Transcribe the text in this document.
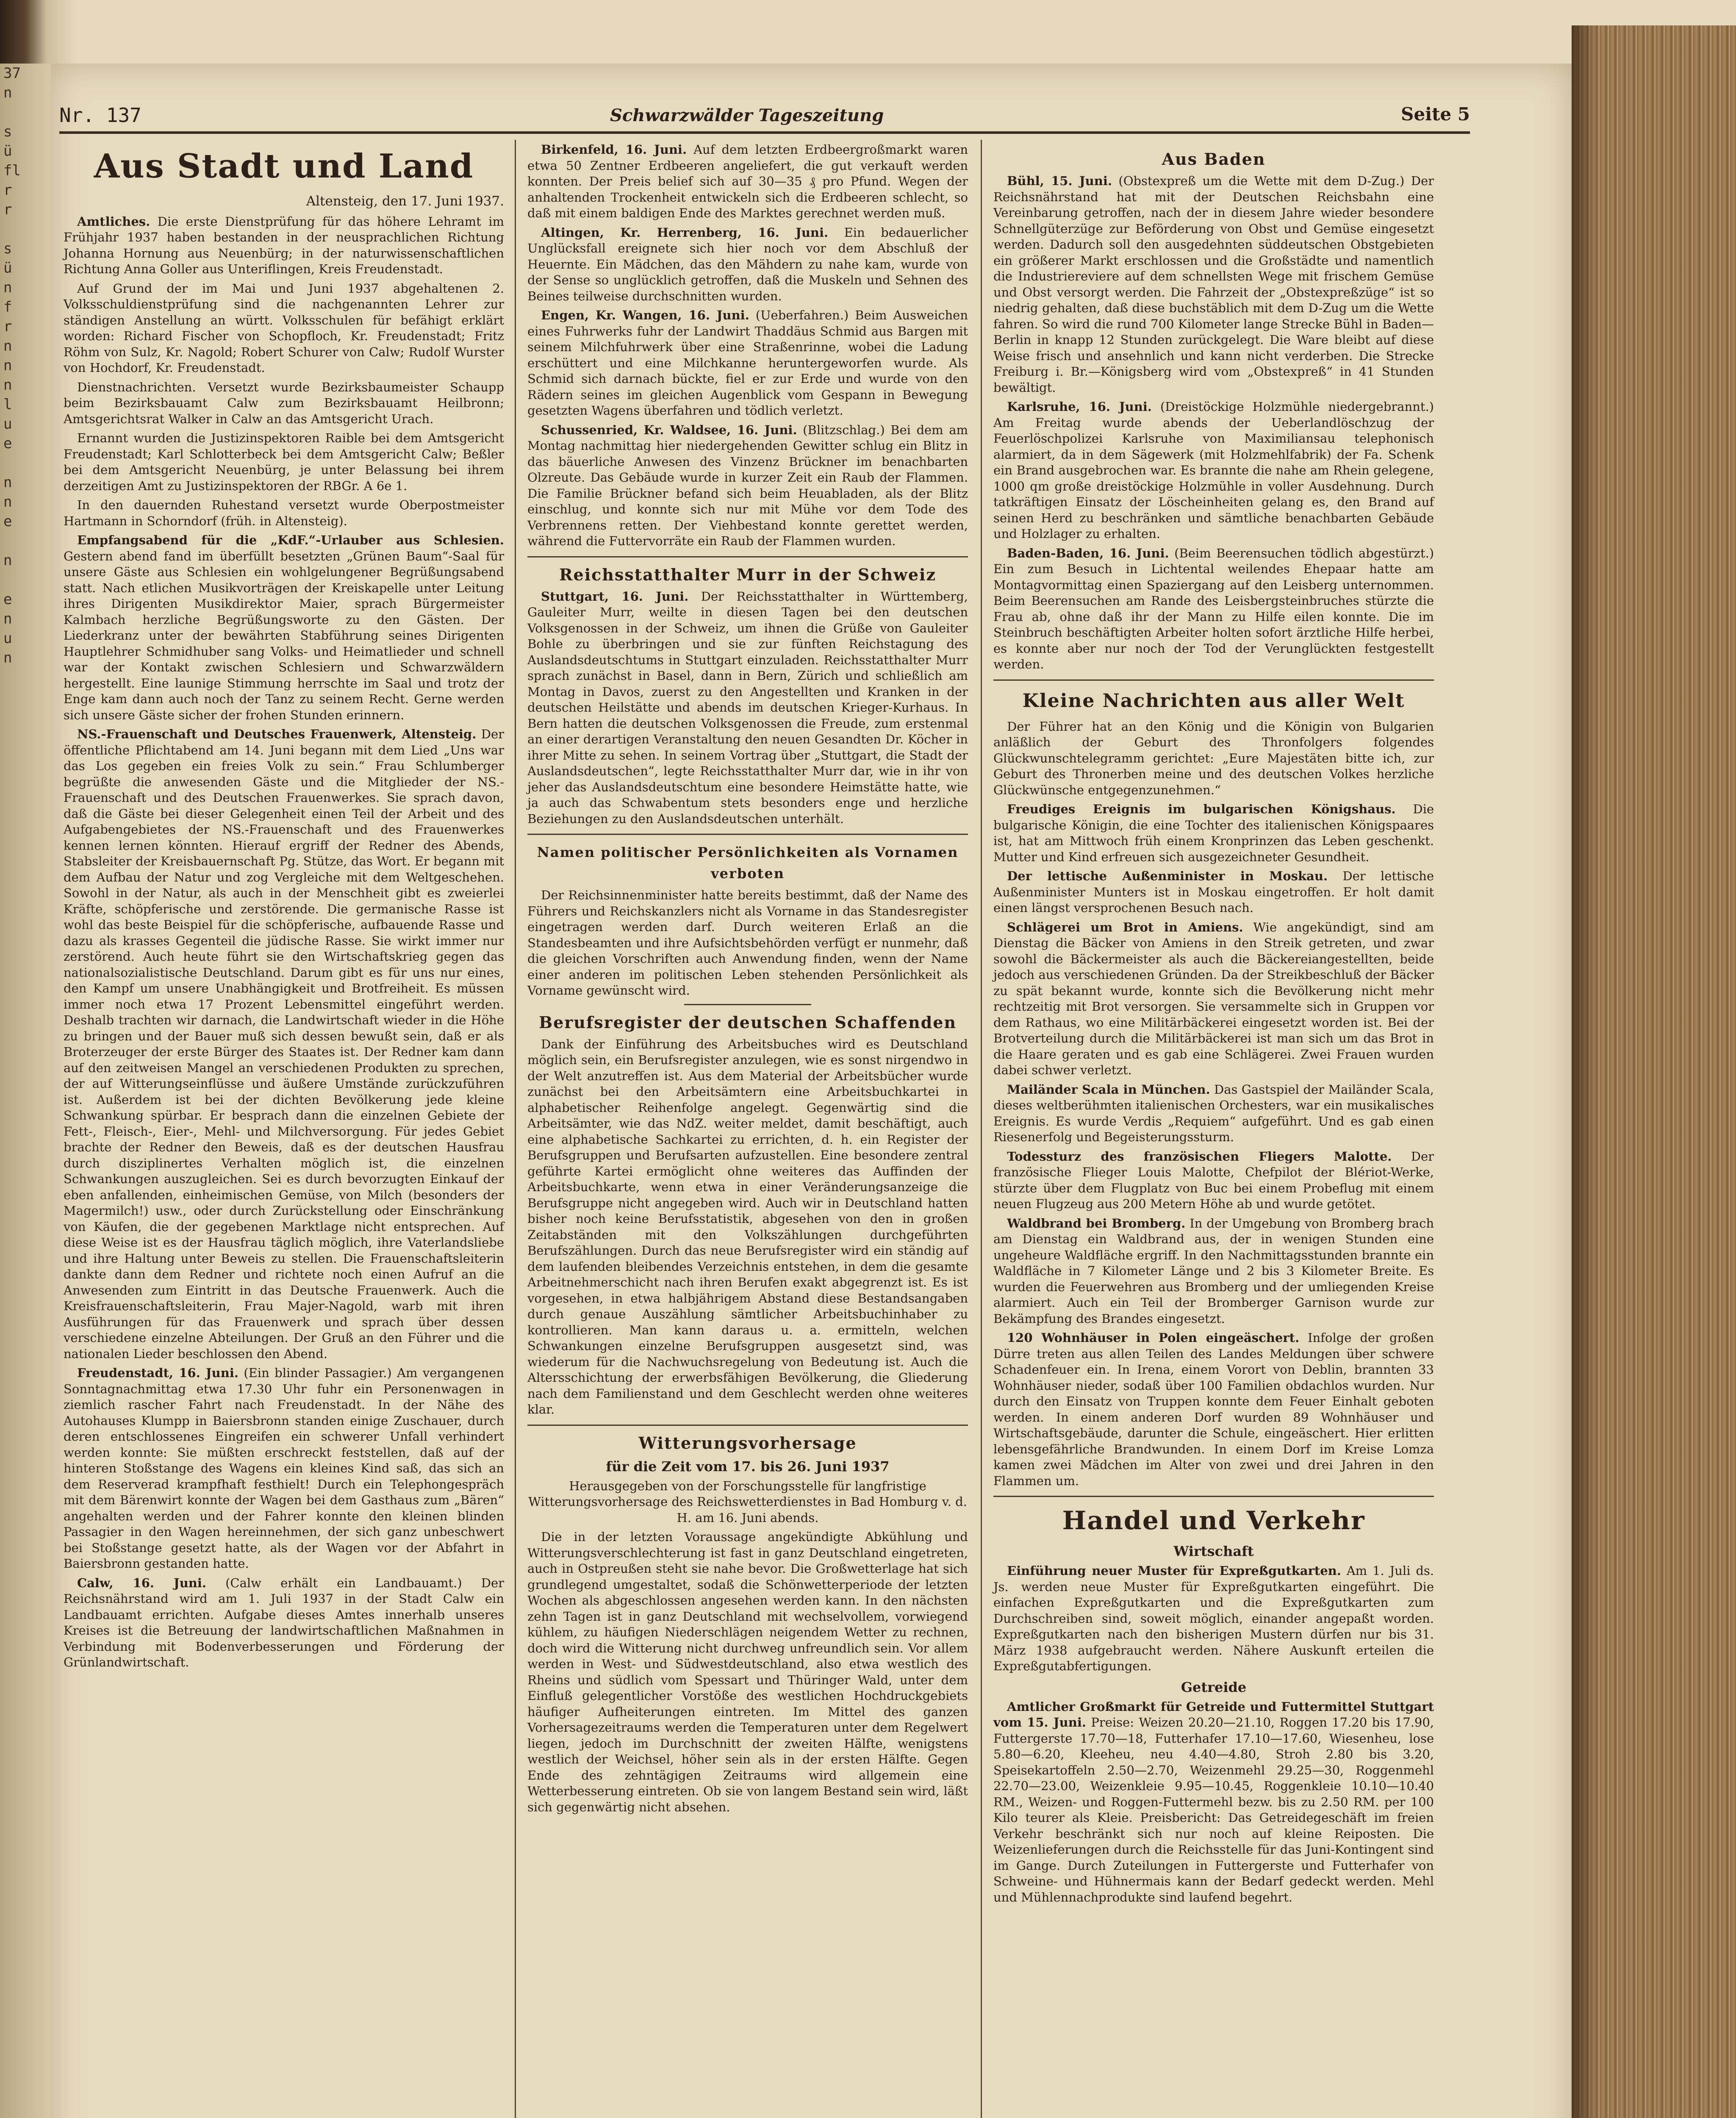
37
n

s
ü
fl
r
r

s
ü
n
f
r
n
n
n
l
u
e

n
n
e

n

e
n
u
n
Nr. 137	Schwarzwälder Tageszeitung	Seite 5
Aus Stadt und Land
Altensteig, den 17. Juni 1937.

Amtliches. Die erste Dienstprüfung für das höhere Lehramt im Frühjahr 1937 haben bestanden in der neusprachlichen Richtung Johanna Hornung aus Neuenbürg; in der naturwissenschaftlichen Richtung Anna Goller aus Unteriflingen, Kreis Freudenstadt.

Auf Grund der im Mai und Juni 1937 abgehaltenen 2. Volksschuldienstprüfung sind die nachgenannten Lehrer zur ständigen Anstellung an württ. Volksschulen für befähigt erklärt worden: Richard Fischer von Schopfloch, Kr. Freudenstadt; Fritz Röhm von Sulz, Kr. Nagold; Robert Schurer von Calw; Rudolf Wurster von Hochdorf, Kr. Freudenstadt.

Dienstnachrichten. Versetzt wurde Bezirksbaumeister Schaupp beim Bezirksbauamt Calw zum Bezirksbauamt Heilbronn; Amtsgerichtsrat Walker in Calw an das Amtsgericht Urach.

Ernannt wurden die Justizinspektoren Raible bei dem Amtsgericht Freudenstadt; Karl Schlotterbeck bei dem Amtsgericht Calw; Beßler bei dem Amtsgericht Neuenbürg, je unter Belassung bei ihrem derzeitigen Amt zu Justizinspektoren der RBGr. A 6e 1.

In den dauernden Ruhestand versetzt wurde Oberpostmeister Hartmann in Schorndorf (früh. in Altensteig).

Empfangsabend für die „KdF.“-Urlauber aus Schlesien. Gestern abend fand im überfüllt besetzten „Grünen Baum“-Saal für unsere Gäste aus Schlesien ein wohlgelungener Begrüßungsabend statt. Nach etlichen Musikvorträgen der Kreiskapelle unter Leitung ihres Dirigenten Musikdirektor Maier, sprach Bürgermeister Kalmbach herzliche Begrüßungsworte zu den Gästen. Der Liederkranz unter der bewährten Stabführung seines Dirigenten Hauptlehrer Schmidhuber sang Volks- und Heimatlieder und schnell war der Kontakt zwischen Schlesiern und Schwarzwäldern hergestellt. Eine launige Stimmung herrschte im Saal und trotz der Enge kam dann auch noch der Tanz zu seinem Recht. Gerne werden sich unsere Gäste sicher der frohen Stunden erinnern.

NS.-Frauenschaft und Deutsches Frauenwerk, Altensteig. Der öffentliche Pflichtabend am 14. Juni begann mit dem Lied „Uns war das Los gegeben ein freies Volk zu sein.“ Frau Schlumberger begrüßte die anwesenden Gäste und die Mitglieder der NS.-Frauenschaft und des Deutschen Frauenwerkes. Sie sprach davon, daß die Gäste bei dieser Gelegenheit einen Teil der Arbeit und des Aufgabengebietes der NS.-Frauenschaft und des Frauenwerkes kennen lernen könnten. Hierauf ergriff der Redner des Abends, Stabsleiter der Kreisbauernschaft Pg. Stütze, das Wort. Er begann mit dem Aufbau der Natur und zog Vergleiche mit dem Weltgeschehen. Sowohl in der Natur, als auch in der Menschheit gibt es zweierlei Kräfte, schöpferische und zerstörende. Die germanische Rasse ist wohl das beste Beispiel für die schöpferische, aufbauende Rasse und dazu als krasses Gegenteil die jüdische Rasse. Sie wirkt immer nur zerstörend. Auch heute führt sie den Wirtschaftskrieg gegen das nationalsozialistische Deutschland. Darum gibt es für uns nur eines, den Kampf um unsere Unabhängigkeit und Brotfreiheit. Es müssen immer noch etwa 17 Prozent Lebensmittel eingeführt werden. Deshalb trachten wir darnach, die Landwirtschaft wieder in die Höhe zu bringen und der Bauer muß sich dessen bewußt sein, daß er als Broterzeuger der erste Bürger des Staates ist. Der Redner kam dann auf den zeitweisen Mangel an verschiedenen Produkten zu sprechen, der auf Witterungseinflüsse und äußere Umstände zurückzuführen ist. Außerdem ist bei der dichten Bevölkerung jede kleine Schwankung spürbar. Er besprach dann die einzelnen Gebiete der Fett-, Fleisch-, Eier-, Mehl- und Milchversorgung. Für jedes Gebiet brachte der Redner den Beweis, daß es der deutschen Hausfrau durch disziplinertes Verhalten möglich ist, die einzelnen Schwankungen auszugleichen. Sei es durch bevorzugten Einkauf der eben anfallenden, einheimischen Gemüse, von Milch (besonders der Magermilch!) usw., oder durch Zurückstellung oder Einschränkung von Käufen, die der gegebenen Marktlage nicht entsprechen. Auf diese Weise ist es der Hausfrau täglich möglich, ihre Vaterlandsliebe und ihre Haltung unter Beweis zu stellen. Die Frauenschaftsleiterin dankte dann dem Redner und richtete noch einen Aufruf an die Anwesenden zum Eintritt in das Deutsche Frauenwerk. Auch die Kreisfrauenschaftsleiterin, Frau Majer-Nagold, warb mit ihren Ausführungen für das Frauenwerk und sprach über dessen verschiedene einzelne Abteilungen. Der Gruß an den Führer und die nationalen Lieder beschlossen den Abend.

Freudenstadt, 16. Juni. (Ein blinder Passagier.) Am vergangenen Sonntagnachmittag etwa 17.30 Uhr fuhr ein Personenwagen in ziemlich rascher Fahrt nach Freudenstadt. In der Nähe des Autohauses Klumpp in Baiersbronn standen einige Zuschauer, durch deren entschlossenes Eingreifen ein schwerer Unfall verhindert werden konnte: Sie müßten erschreckt feststellen, daß auf der hinteren Stoßstange des Wagens ein kleines Kind saß, das sich an dem Reserverad krampfhaft festhielt! Durch ein Telephongespräch mit dem Bärenwirt konnte der Wagen bei dem Gasthaus zum „Bären“ angehalten werden und der Fahrer konnte den kleinen blinden Passagier in den Wagen hereinnehmen, der sich ganz unbeschwert bei Stoßstange gesetzt hatte, als der Wagen vor der Abfahrt in Baiersbronn gestanden hatte.

Calw, 16. Juni. (Calw erhält ein Landbauamt.) Der Reichsnährstand wird am 1. Juli 1937 in der Stadt Calw ein Landbauamt errichten. Aufgabe dieses Amtes innerhalb unseres Kreises ist die Betreuung der landwirtschaftlichen Maßnahmen in Verbindung mit Bodenverbesserungen und Förderung der Grünlandwirtschaft.

Birkenfeld, 16. Juni. Auf dem letzten Erdbeergroßmarkt waren etwa 50 Zentner Erdbeeren angeliefert, die gut verkauft werden konnten. Der Preis belief sich auf 30—35 ₰ pro Pfund. Wegen der anhaltenden Trockenheit entwickeln sich die Erdbeeren schlecht, so daß mit einem baldigen Ende des Marktes gerechnet werden muß.

Altingen, Kr. Herrenberg, 16. Juni. Ein bedauerlicher Unglücksfall ereignete sich hier noch vor dem Abschluß der Heuernte. Ein Mädchen, das den Mähdern zu nahe kam, wurde von der Sense so unglücklich getroffen, daß die Muskeln und Sehnen des Beines teilweise durchschnitten wurden.

Engen, Kr. Wangen, 16. Juni. (Ueberfahren.) Beim Ausweichen eines Fuhrwerks fuhr der Landwirt Thaddäus Schmid aus Bargen mit seinem Milchfuhrwerk über eine Straßenrinne, wobei die Ladung erschüttert und eine Milchkanne heruntergeworfen wurde. Als Schmid sich darnach bückte, fiel er zur Erde und wurde von den Rädern seines im gleichen Augenblick vom Gespann in Bewegung gesetzten Wagens überfahren und tödlich verletzt.

Schussenried, Kr. Waldsee, 16. Juni. (Blitzschlag.) Bei dem am Montag nachmittag hier niedergehenden Gewitter schlug ein Blitz in das bäuerliche Anwesen des Vinzenz Brückner im benachbarten Olzreute. Das Gebäude wurde in kurzer Zeit ein Raub der Flammen. Die Familie Brückner befand sich beim Heuabladen, als der Blitz einschlug, und konnte sich nur mit Mühe vor dem Tode des Verbrennens retten. Der Viehbestand konnte gerettet werden, während die Futtervorräte ein Raub der Flammen wurden.

Reichsstatthalter Murr in der Schweiz

Stuttgart, 16. Juni. Der Reichsstatthalter in Württemberg, Gauleiter Murr, weilte in diesen Tagen bei den deutschen Volksgenossen in der Schweiz, um ihnen die Grüße von Gauleiter Bohle zu überbringen und sie zur fünften Reichstagung des Auslandsdeutschtums in Stuttgart einzuladen. Reichsstatthalter Murr sprach zunächst in Basel, dann in Bern, Zürich und schließlich am Montag in Davos, zuerst zu den Angestellten und Kranken in der deutschen Heilstätte und abends im deutschen Krieger-Kurhaus. In Bern hatten die deutschen Volksgenossen die Freude, zum erstenmal an einer derartigen Veranstaltung den neuen Gesandten Dr. Köcher in ihrer Mitte zu sehen. In seinem Vortrag über „Stuttgart, die Stadt der Auslandsdeutschen“, legte Reichsstatthalter Murr dar, wie in ihr von jeher das Auslandsdeutschtum eine besondere Heimstätte hatte, wie ja auch das Schwabentum stets besonders enge und herzliche Beziehungen zu den Auslandsdeutschen unterhält.

Namen politischer Persönlichkeiten als Vornamen verboten

Der Reichsinnenminister hatte bereits bestimmt, daß der Name des Führers und Reichskanzlers nicht als Vorname in das Standesregister eingetragen werden darf. Durch weiteren Erlaß an die Standesbeamten und ihre Aufsichtsbehörden verfügt er nunmehr, daß die gleichen Vorschriften auch Anwendung finden, wenn der Name einer anderen im politischen Leben stehenden Persönlichkeit als Vorname gewünscht wird.

Berufsregister der deutschen Schaffenden

Dank der Einführung des Arbeitsbuches wird es Deutschland möglich sein, ein Berufsregister anzulegen, wie es sonst nirgendwo in der Welt anzutreffen ist. Aus dem Material der Arbeitsbücher wurde zunächst bei den Arbeitsämtern eine Arbeitsbuchkartei in alphabetischer Reihenfolge angelegt. Gegenwärtig sind die Arbeitsämter, wie das NdZ. weiter meldet, damit beschäftigt, auch eine alphabetische Sachkartei zu errichten, d. h. ein Register der Berufsgruppen und Berufsarten aufzustellen. Eine besondere zentral geführte Kartei ermöglicht ohne weiteres das Auffinden der Arbeitsbuchkarte, wenn etwa in einer Veränderungsanzeige die Berufsgruppe nicht angegeben wird. Auch wir in Deutschland hatten bisher noch keine Berufsstatistik, abgesehen von den in großen Zeitabständen mit den Volkszählungen durchgeführten Berufszählungen. Durch das neue Berufsregister wird ein ständig auf dem laufenden bleibendes Verzeichnis entstehen, in dem die gesamte Arbeitnehmerschicht nach ihren Berufen exakt abgegrenzt ist. Es ist vorgesehen, in etwa halbjährigem Abstand diese Bestandsangaben durch genaue Auszählung sämtlicher Arbeitsbuchinhaber zu kontrollieren. Man kann daraus u. a. ermitteln, welchen Schwankungen einzelne Berufsgruppen ausgesetzt sind, was wiederum für die Nachwuchsregelung von Bedeutung ist. Auch die Altersschichtung der erwerbsfähigen Bevölkerung, die Gliederung nach dem Familienstand und dem Geschlecht werden ohne weiteres klar.

Witterungsvorhersage
für die Zeit vom 17. bis 26. Juni 1937

Herausgegeben von der Forschungsstelle für langfristige Witterungsvorhersage des Reichswetterdienstes in Bad Homburg v. d. H. am 16. Juni abends.

Die in der letzten Voraussage angekündigte Abkühlung und Witterungsverschlechterung ist fast in ganz Deutschland eingetreten, auch in Ostpreußen steht sie nahe bevor. Die Großwetterlage hat sich grundlegend umgestaltet, sodaß die Schönwetterperiode der letzten Wochen als abgeschlossen angesehen werden kann. In den nächsten zehn Tagen ist in ganz Deutschland mit wechselvollem, vorwiegend kühlem, zu häufigen Niederschlägen neigendem Wetter zu rechnen, doch wird die Witterung nicht durchweg unfreundlich sein. Vor allem werden in West- und Südwestdeutschland, also etwa westlich des Rheins und südlich vom Spessart und Thüringer Wald, unter dem Einfluß gelegentlicher Vorstöße des westlichen Hochdruckgebiets häufiger Aufheiterungen eintreten. Im Mittel des ganzen Vorhersagezeitraums werden die Temperaturen unter dem Regelwert liegen, jedoch im Durchschnitt der zweiten Hälfte, wenigstens westlich der Weichsel, höher sein als in der ersten Hälfte. Gegen Ende des zehntägigen Zeitraums wird allgemein eine Wetterbesserung eintreten. Ob sie von langem Bestand sein wird, läßt sich gegenwärtig nicht absehen.

Aus Baden

Bühl, 15. Juni. (Obstexpreß um die Wette mit dem D-Zug.) Der Reichsnährstand hat mit der Deutschen Reichsbahn eine Vereinbarung getroffen, nach der in diesem Jahre wieder besondere Schnellgüterzüge zur Beförderung von Obst und Gemüse eingesetzt werden. Dadurch soll den ausgedehnten süddeutschen Obstgebieten ein größerer Markt erschlossen und die Großstädte und namentlich die Industriereviere auf dem schnellsten Wege mit frischem Gemüse und Obst versorgt werden. Die Fahrzeit der „Obstexpreßzüge“ ist so niedrig gehalten, daß diese buchstäblich mit dem D-Zug um die Wette fahren. So wird die rund 700 Kilometer lange Strecke Bühl in Baden—Berlin in knapp 12 Stunden zurückgelegt. Die Ware bleibt auf diese Weise frisch und ansehnlich und kann nicht verderben. Die Strecke Freiburg i. Br.—Königsberg wird vom „Obstexpreß“ in 41 Stunden bewältigt.

Karlsruhe, 16. Juni. (Dreistöckige Holzmühle niedergebrannt.) Am Freitag wurde abends der Ueberlandlöschzug der Feuerlöschpolizei Karlsruhe von Maximiliansau telephonisch alarmiert, da in dem Sägewerk (mit Holzmehlfabrik) der Fa. Schenk ein Brand ausgebrochen war. Es brannte die nahe am Rhein gelegene, 1000 qm große dreistöckige Holzmühle in voller Ausdehnung. Durch tatkräftigen Einsatz der Löscheinheiten gelang es, den Brand auf seinen Herd zu beschränken und sämtliche benachbarten Gebäude und Holzlager zu erhalten.

Baden-Baden, 16. Juni. (Beim Beerensuchen tödlich abgestürzt.) Ein zum Besuch in Lichtental weilendes Ehepaar hatte am Montagvormittag einen Spaziergang auf den Leisberg unternommen. Beim Beerensuchen am Rande des Leisbergsteinbruches stürzte die Frau ab, ohne daß ihr der Mann zu Hilfe eilen konnte. Die im Steinbruch beschäftigten Arbeiter holten sofort ärztliche Hilfe herbei, es konnte aber nur noch der Tod der Verunglückten festgestellt werden.

Kleine Nachrichten aus aller Welt

Der Führer hat an den König und die Königin von Bulgarien anläßlich der Geburt des Thronfolgers folgendes Glückwunschtelegramm gerichtet: „Eure Majestäten bitte ich, zur Geburt des Thronerben meine und des deutschen Volkes herzliche Glückwünsche entgegenzunehmen.“

Freudiges Ereignis im bulgarischen Königshaus. Die bulgarische Königin, die eine Tochter des italienischen Königspaares ist, hat am Mittwoch früh einem Kronprinzen das Leben geschenkt. Mutter und Kind erfreuen sich ausgezeichneter Gesundheit.

Der lettische Außenminister in Moskau. Der lettische Außenminister Munters ist in Moskau eingetroffen. Er holt damit einen längst versprochenen Besuch nach.

Schlägerei um Brot in Amiens. Wie angekündigt, sind am Dienstag die Bäcker von Amiens in den Streik getreten, und zwar sowohl die Bäckermeister als auch die Bäckereiangestellten, beide jedoch aus verschiedenen Gründen. Da der Streikbeschluß der Bäcker zu spät bekannt wurde, konnte sich die Bevölkerung nicht mehr rechtzeitig mit Brot versorgen. Sie versammelte sich in Gruppen vor dem Rathaus, wo eine Militärbäckerei eingesetzt worden ist. Bei der Brotverteilung durch die Militärbäckerei ist man sich um das Brot in die Haare geraten und es gab eine Schlägerei. Zwei Frauen wurden dabei schwer verletzt.

Mailänder Scala in München. Das Gastspiel der Mailänder Scala, dieses weltberühmten italienischen Orchesters, war ein musikalisches Ereignis. Es wurde Verdis „Requiem“ aufgeführt. Und es gab einen Riesenerfolg und Begeisterungssturm.

Todessturz des französischen Fliegers Malotte. Der französische Flieger Louis Malotte, Chefpilot der Blériot-Werke, stürzte über dem Flugplatz von Buc bei einem Probeflug mit einem neuen Flugzeug aus 200 Metern Höhe ab und wurde getötet.

Waldbrand bei Bromberg. In der Umgebung von Bromberg brach am Dienstag ein Waldbrand aus, der in wenigen Stunden eine ungeheure Waldfläche ergriff. In den Nachmittagsstunden brannte ein Waldfläche in 7 Kilometer Länge und 2 bis 3 Kilometer Breite. Es wurden die Feuerwehren aus Bromberg und der umliegenden Kreise alarmiert. Auch ein Teil der Bromberger Garnison wurde zur Bekämpfung des Brandes eingesetzt.

120 Wohnhäuser in Polen eingeäschert. Infolge der großen Dürre treten aus allen Teilen des Landes Meldungen über schwere Schadenfeuer ein. In Irena, einem Vorort von Deblin, brannten 33 Wohnhäuser nieder, sodaß über 100 Familien obdachlos wurden. Nur durch den Einsatz von Truppen konnte dem Feuer Einhalt geboten werden. In einem anderen Dorf wurden 89 Wohnhäuser und Wirtschaftsgebäude, darunter die Schule, eingeäschert. Hier erlitten lebensgefährliche Brandwunden. In einem Dorf im Kreise Lomza kamen zwei Mädchen im Alter von zwei und drei Jahren in den Flammen um.

Handel und Verkehr
Wirtschaft

Einführung neuer Muster für Expreßgutkarten. Am 1. Juli ds. Js. werden neue Muster für Expreßgutkarten eingeführt. Die einfachen Expreßgutkarten und die Expreßgutkarten zum Durchschreiben sind, soweit möglich, einander angepaßt worden. Expreßgutkarten nach den bisherigen Mustern dürfen nur bis 31. März 1938 aufgebraucht werden. Nähere Auskunft erteilen die Expreßgutabfertigungen.

Getreide

Amtlicher Großmarkt für Getreide und Futtermittel Stuttgart vom 15. Juni. Preise: Weizen 20.20—21.10, Roggen 17.20 bis 17.90, Futtergerste 17.70—18, Futterhafer 17.10—17.60, Wiesenheu, lose 5.80—6.20, Kleeheu, neu 4.40—4.80, Stroh 2.80 bis 3.20, Speisekartoffeln 2.50—2.70, Weizenmehl 29.25—30, Roggenmehl 22.70—23.00, Weizenkleie 9.95—10.45, Roggenkleie 10.10—10.40 RM., Weizen- und Roggen-Futtermehl bezw. bis zu 2.50 RM. per 100 Kilo teurer als Kleie. Preisbericht: Das Getreidegeschäft im freien Verkehr beschränkt sich nur noch auf kleine Reiposten. Die Weizenlieferungen durch die Reichsstelle für das Juni-Kontingent sind im Gange. Durch Zuteilungen in Futtergerste und Futterhafer von Schweine- und Hühnermais kann der Bedarf gedeckt werden. Mehl und Mühlennachprodukte sind laufend begehrt.
